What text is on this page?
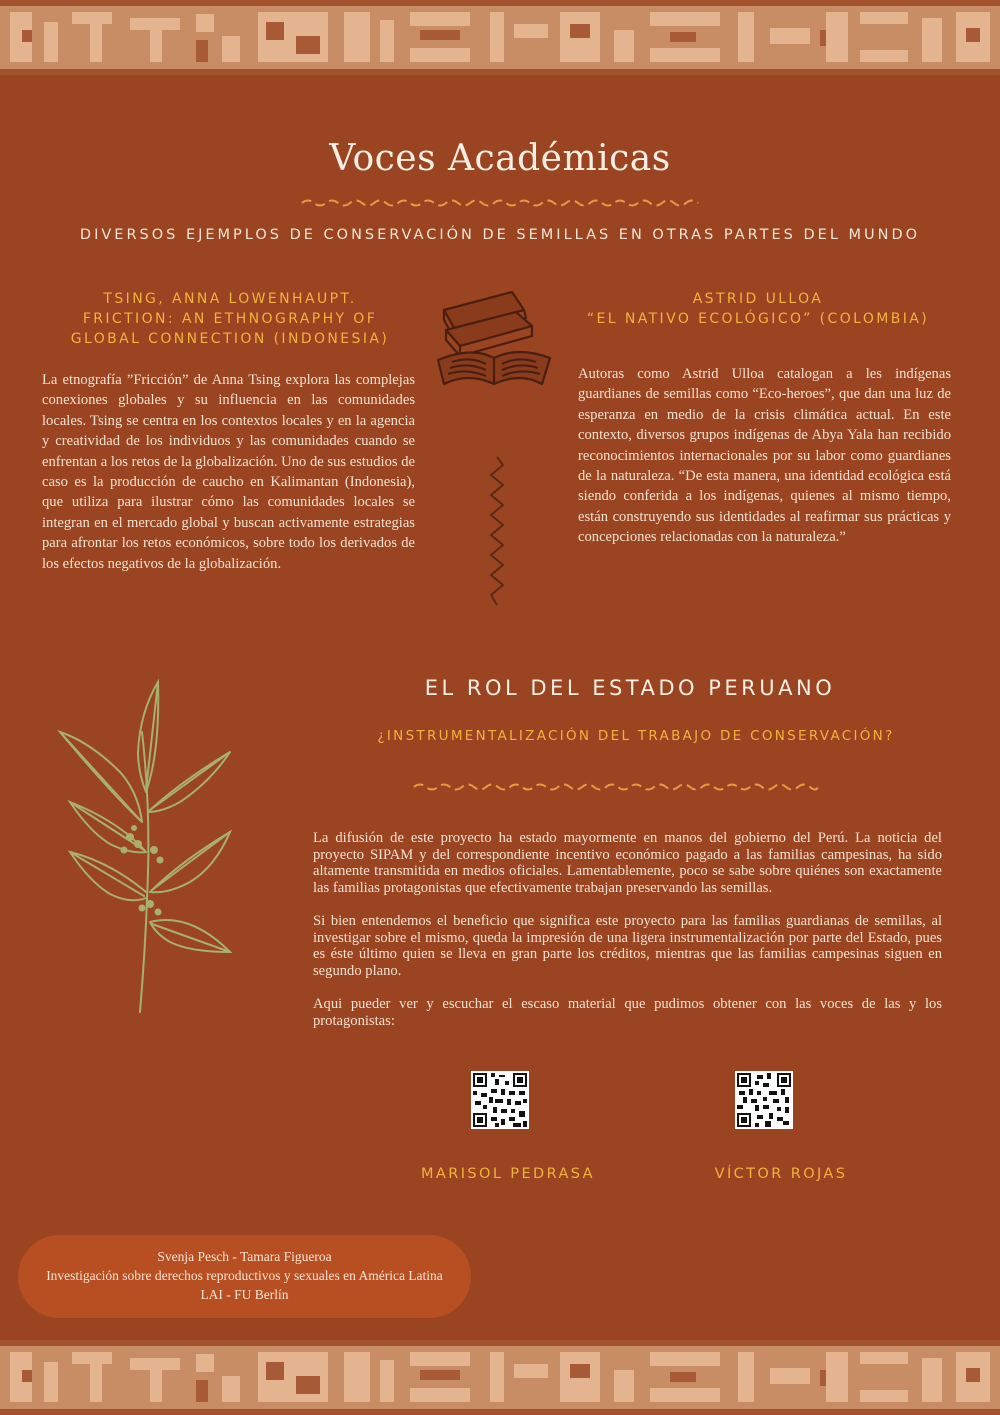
Voces Académicas
DIVERSOS EJEMPLOS DE CONSERVACIÓN DE SEMILLAS EN OTRAS PARTES DEL MUNDO
TSING, ANNA LOWENHAUPT.
FRICTION: AN ETHNOGRAPHY OF
GLOBAL CONNECTION (INDONESIA)
La etnografía ”Fricción” de Anna Tsing explora las complejas conexiones globales y su influencia en las comunidades locales. Tsing se centra en los contextos locales y en la agencia y creatividad de los individuos y las comunidades cuando se enfrentan a los retos de la globalización. Uno de sus estudios de caso es la producción de caucho en Kalimantan (Indonesia), que utiliza para ilustrar cómo las comunidades locales se integran en el mercado global y buscan activamente estrategias para afrontar los retos económicos, sobre todo los derivados de los efectos negativos de la globalización.
ASTRID ULLOA
“EL NATIVO ECOLÓGICO” (COLOMBIA)
Autoras como Astrid Ulloa catalogan a les indígenas guardianes de semillas como “Eco-heroes”, que dan una luz de esperanza en medio de la crisis climática actual. En este contexto, diversos grupos indígenas de Abya Yala han recibido reconocimientos internacionales por su labor como guardianes de la naturaleza. “De esta manera, una identidad ecológica está siendo conferida a los indígenas, quienes al mismo tiempo, están construyendo sus identidades al reafirmar sus prácticas y concepciones relacionadas con la naturaleza.”
EL ROL DEL ESTADO PERUANO
¿INSTRUMENTALIZACIÓN DEL TRABAJO DE CONSERVACIÓN?

La difusión de este proyecto ha estado mayormente en manos del gobierno del Perú. La noticia del proyecto SIPAM y del correspondiente incentivo económico pagado a las familias campesinas, ha sido altamente transmitida en medios oficiales. Lamentablemente, poco se sabe sobre quiénes son exactamente las familias protagonistas que efectivamente trabajan preservando las semillas.

Si bien entendemos el beneficio que significa este proyecto para las familias guardianas de semillas, al investigar sobre el mismo, queda la impresión de una ligera instrumentalización por parte del Estado, pues es éste último quien se lleva en gran parte los créditos, mientras que las familias campesinas siguen en segundo plano.

Aqui pueder ver y escuchar el escaso material que pudimos obtener con las voces de las y los protagonistas:

MARISOL PEDRASA	VÍCTOR ROJAS
Svenja Pesch - Tamara Figueroa
Investigación sobre derechos reproductivos y sexuales en América Latina
LAI - FU Berlín
